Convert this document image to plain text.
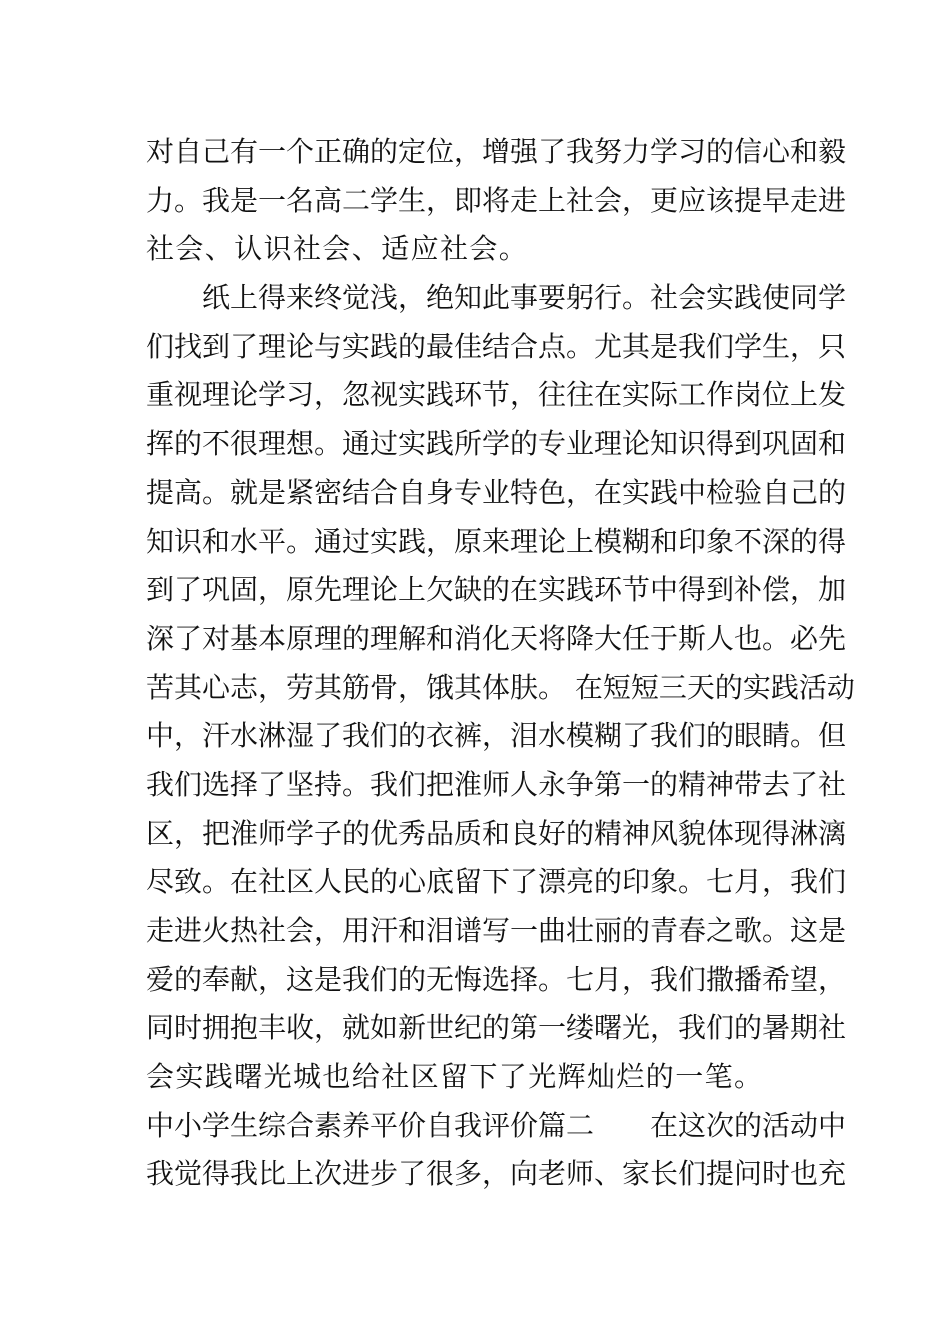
对自己有一个正确的定位，增强了我努力学习的信心和毅
力。我是一名高二学生，即将走上社会，更应该提早走进
社会、认识社会、适应社会。
　　纸上得来终觉浅，绝知此事要躬行。社会实践使同学
们找到了理论与实践的最佳结合点。尤其是我们学生，只
重视理论学习，忽视实践环节，往往在实际工作岗位上发
挥的不很理想。通过实践所学的专业理论知识得到巩固和
提高。就是紧密结合自身专业特色，在实践中检验自己的
知识和水平。通过实践，原来理论上模糊和印象不深的得
到了巩固，原先理论上欠缺的在实践环节中得到补偿，加
深了对基本原理的理解和消化天将降大任于斯人也。必先
苦其心志，劳其筋骨，饿其体肤。 在短短三天的实践活动
中，汗水淋湿了我们的衣裤，泪水模糊了我们的眼睛。但
我们选择了坚持。我们把淮师人永争第一的精神带去了社
区，把淮师学子的优秀品质和良好的精神风貌体现得淋漓
尽致。在社区人民的心底留下了漂亮的印象。七月，我们
走进火热社会，用汗和泪谱写一曲壮丽的青春之歌。这是
爱的奉献，这是我们的无悔选择。七月，我们撒播希望，
同时拥抱丰收，就如新世纪的第一缕曙光，我们的暑期社
会实践曙光城也给社区留下了光辉灿烂的一笔。
中小学生综合素养平价自我评价篇二　　在这次的活动中
我觉得我比上次进步了很多，向老师、家长们提问时也充
